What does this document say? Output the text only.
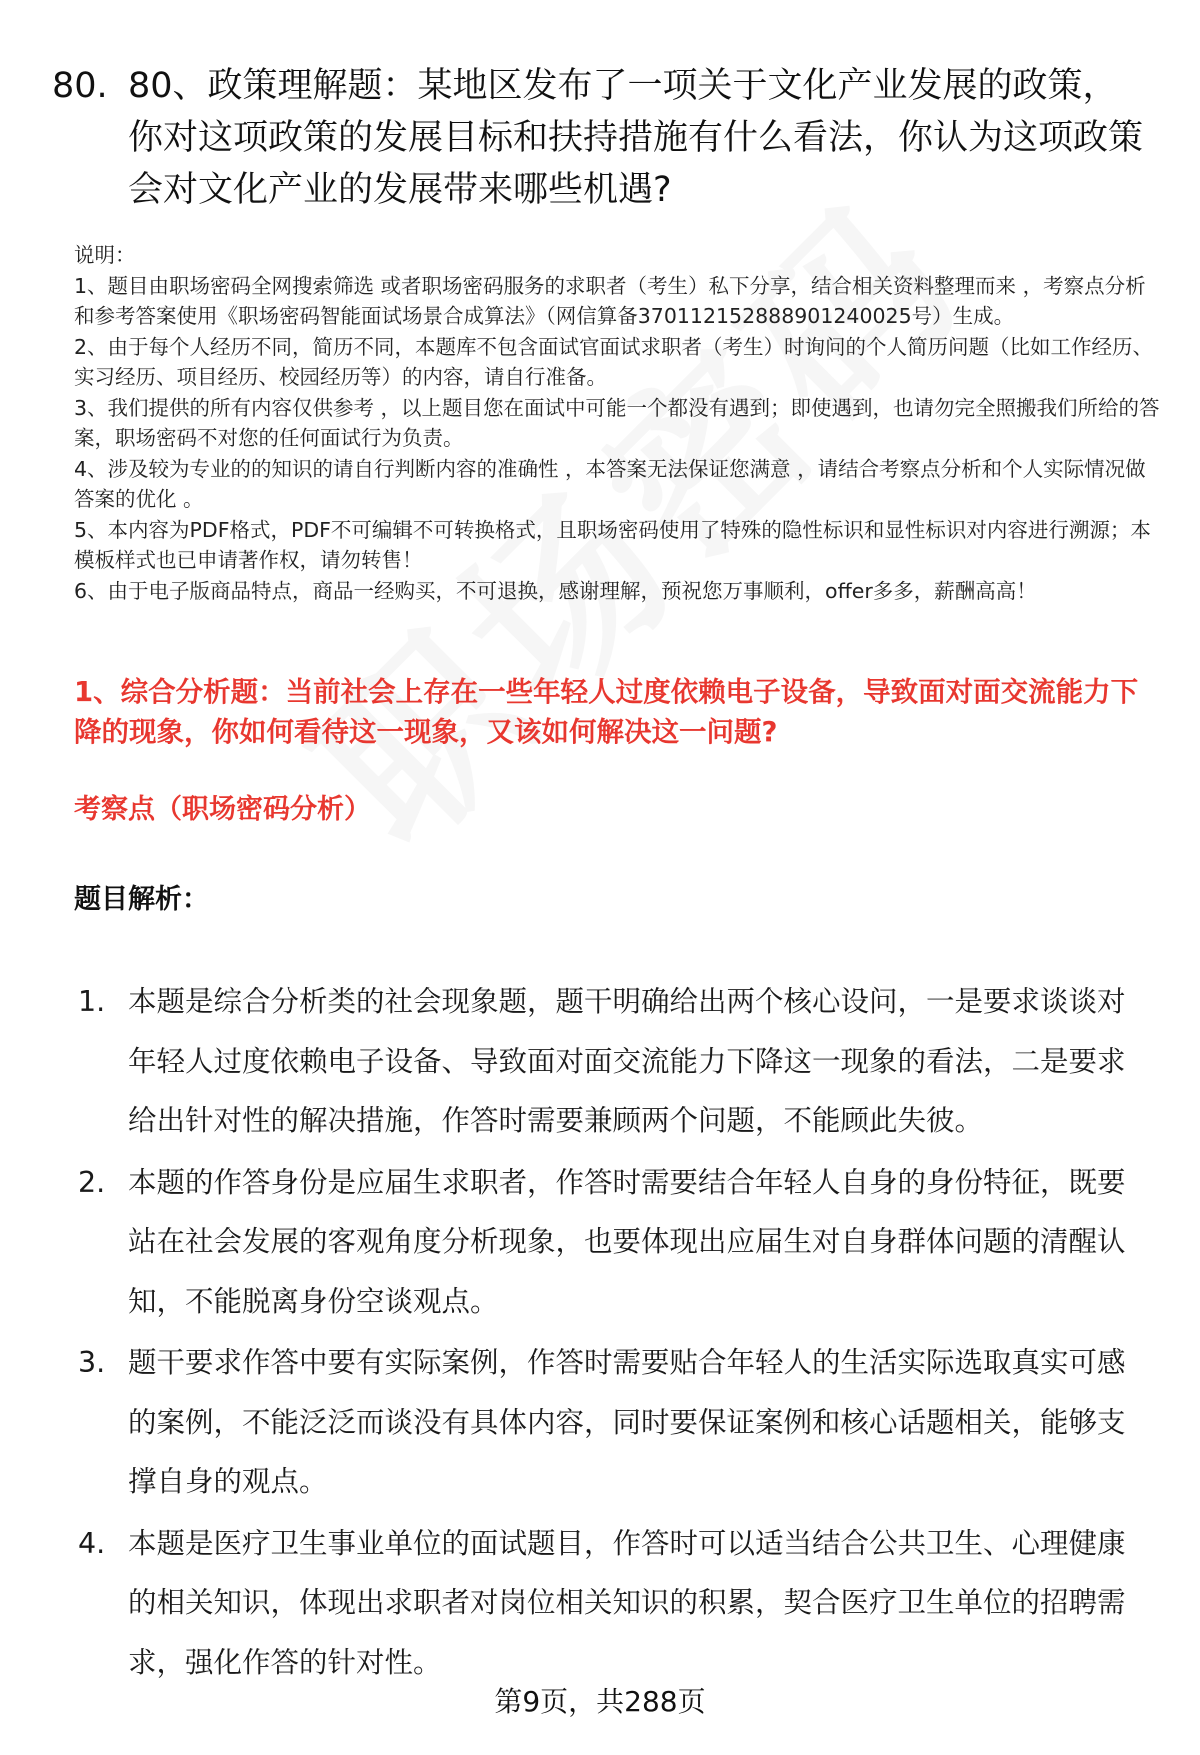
80. 80、政策理解题：某地区发布了一项关于文化产业发展的政策，你对这项政策的发展目标和扶持措施有什么看法，你认为这项政策会对文化产业的发展带来哪些机遇?

说明：

1、题目由职场密码全网搜索筛选 或者职场密码服务的求职者（考生）私下分享，结合相关资料整理而来 ，考察点分析和参考答案使用《职场密码智能面试场景合成算法》（网信算备370112152888901240025号）生成。

2、由于每个人经历不同，简历不同，本题库不包含面试官面试求职者（考生）时询问的个人简历问题（比如工作经历、实习经历、项目经历、校园经历等）的内容，请自行准备。

3、我们提供的所有内容仅供参考 ，以上题目您在面试中可能一个都没有遇到；即使遇到，也请勿完全照搬我们所给的答案，职场密码不对您的任何面试行为负责。

4、涉及较为专业的的知识的请自行判断内容的准确性 ，本答案无法保证您满意 ，请结合考察点分析和个人实际情况做答案的优化 。

5、本内容为PDF格式，PDF不可编辑不可转换格式，且职场密码使用了特殊的隐性标识和显性标识对内容进行溯源；本模板样式也已申请著作权，请勿转售！

6、由于电子版商品特点，商品一经购买，不可退换，感谢理解，预祝您万事顺利，offer多多，薪酬高高！

1、综合分析题：当前社会上存在一些年轻人过度依赖电子设备，导致面对面交流能力下降的现象，你如何看待这一现象，又该如何解决这一问题?
考察点（职场密码分析）
题目解析：
1. 本题是综合分析类的社会现象题，题干明确给出两个核心设问，一是要求谈谈对年轻人过度依赖电子设备、导致面对面交流能力下降这一现象的看法，二是要求给出针对性的解决措施，作答时需要兼顾两个问题，不能顾此失彼。
2. 本题的作答身份是应届生求职者，作答时需要结合年轻人自身的身份特征，既要站在社会发展的客观角度分析现象，也要体现出应届生对自身群体问题的清醒认知，不能脱离身份空谈观点。
3. 题干要求作答中要有实际案例，作答时需要贴合年轻人的生活实际选取真实可感的案例，不能泛泛而谈没有具体内容，同时要保证案例和核心话题相关，能够支撑自身的观点。
4. 本题是医疗卫生事业单位的面试题目，作答时可以适当结合公共卫生、心理健康的相关知识，体现出求职者对岗位相关知识的积累，契合医疗卫生单位的招聘需求，强化作答的针对性。
第9页，共288页
